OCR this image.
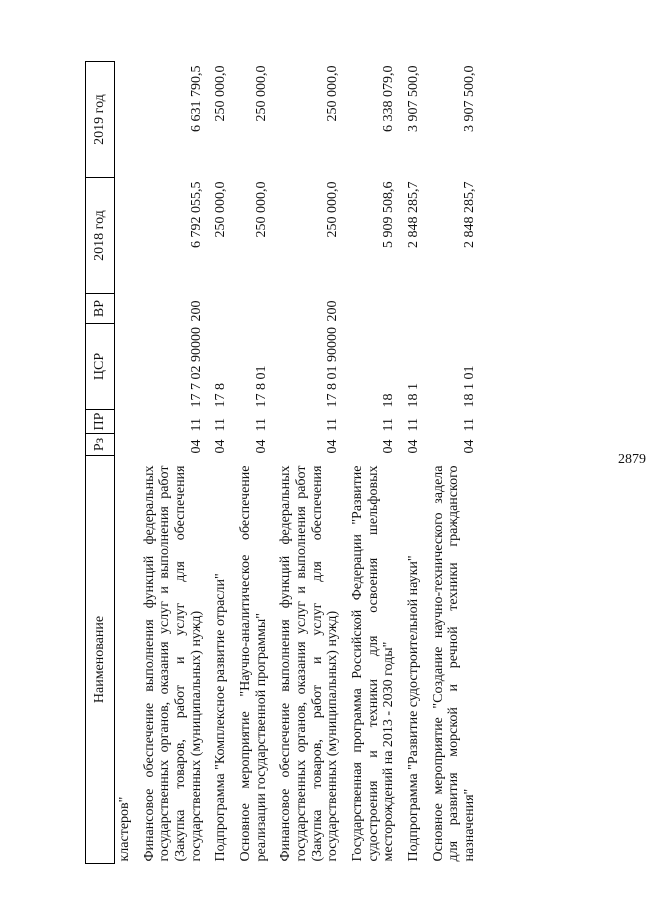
2879
Наименование	Рз	ПР	ЦСР	ВР	2018 год	2019 год
кластеров"						
Финансовое обеспечение выполнения функций федеральных государственных органов, оказания услуг и выполнения работ (Закупка товаров, работ и услуг для обеспечения государственных (муниципальных) нужд)	04	11	17 7 02 90000	200	6 792 055,5	6 631 790,5
Подпрограмма "Комплексное развитие отрасли"	04	11	17 8		250 000,0	250 000,0
Основное мероприятие "Научно-аналитическое обеспечение реализации государственной программы"	04	11	17 8 01		250 000,0	250 000,0
Финансовое обеспечение выполнения функций федеральных государственных органов, оказания услуг и выполнения работ (Закупка товаров, работ и услуг для обеспечения государственных (муниципальных) нужд)	04	11	17 8 01 90000	200	250 000,0	250 000,0
Государственная программа Российской Федерации "Развитие судостроения и техники для освоения шельфовых месторождений на 2013 - 2030 годы"	04	11	18		5 909 508,6	6 338 079,0
Подпрограмма "Развитие судостроительной науки"	04	11	18 1		2 848 285,7	3 907 500,0
Основное мероприятие "Создание научно-технического задела для развития морской и речной техники гражданского назначения"	04	11	18 1 01		2 848 285,7	3 907 500,0
